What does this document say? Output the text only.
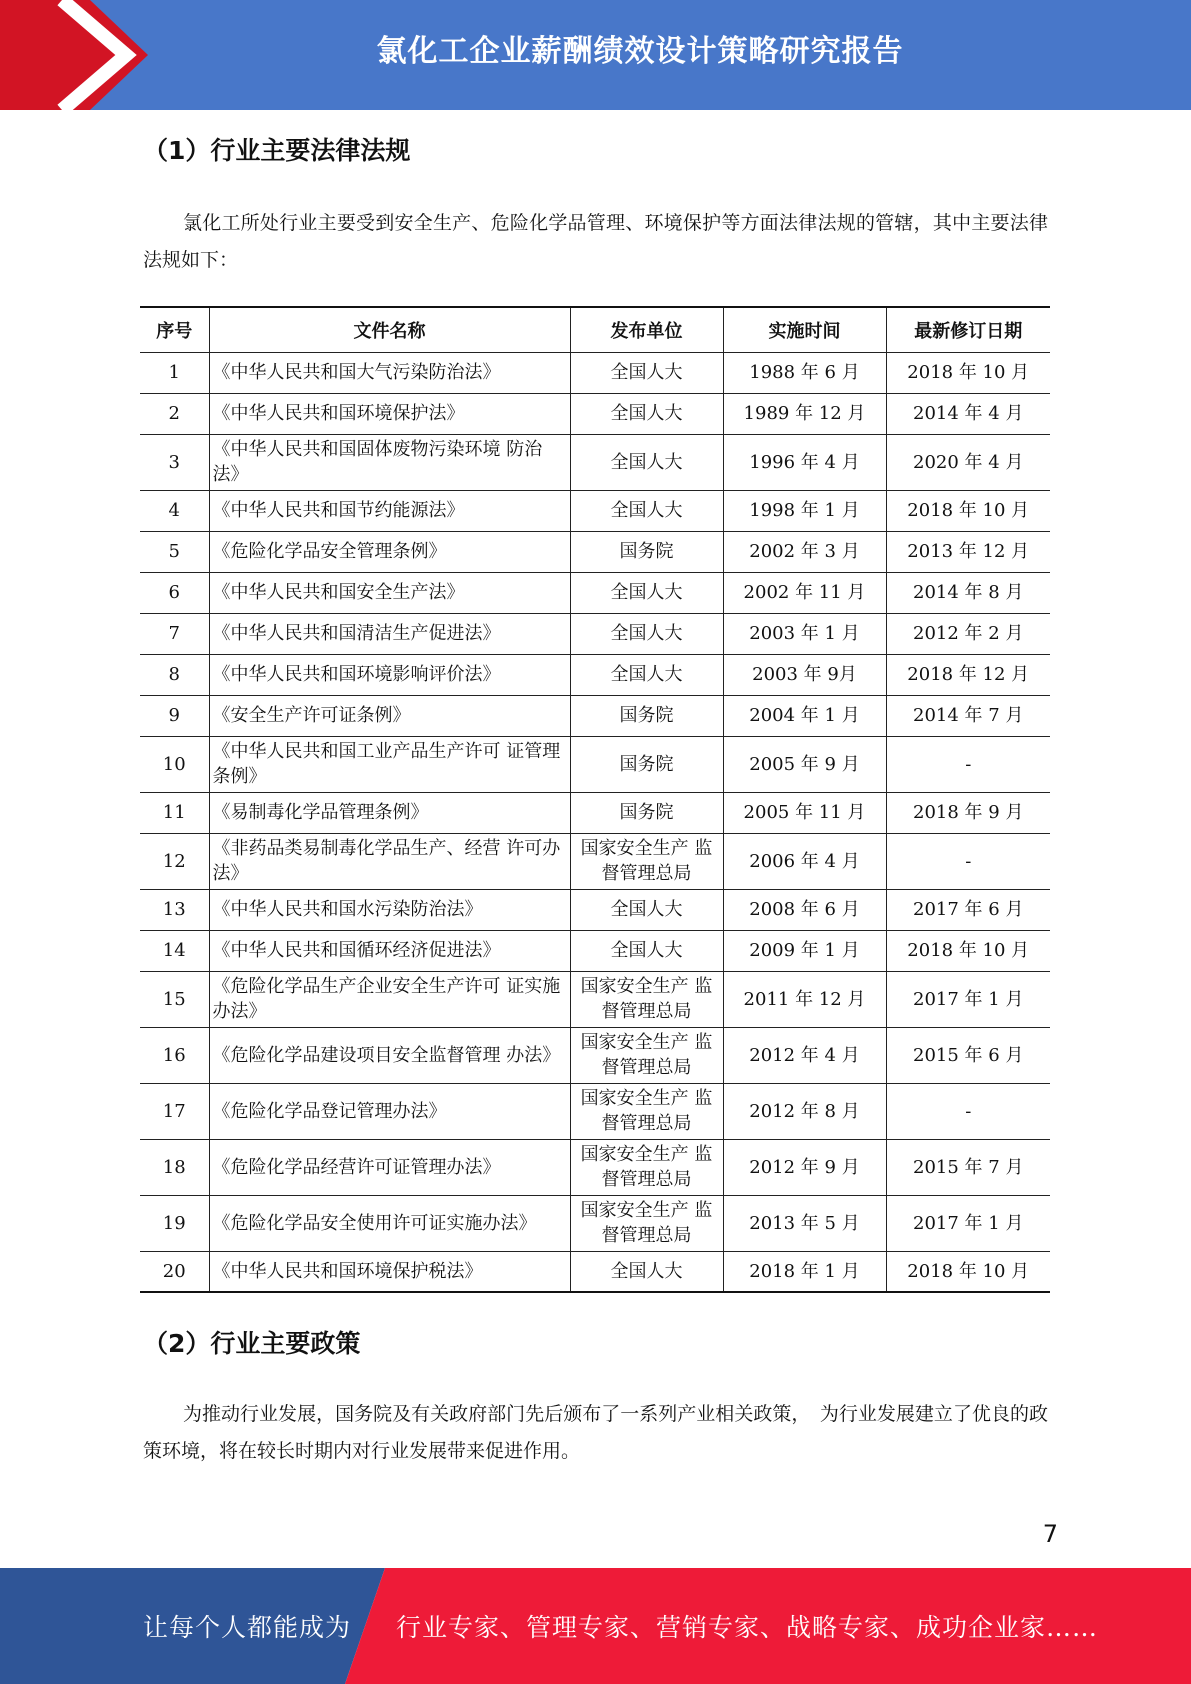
氯化工企业薪酬绩效设计策略研究报告
（1）行业主要法律法规
氯化工所处行业主要受到安全生产、危险化学品管理、环境保护等方面法律法规的管辖，其中主要法律法规如下：
序号	文件名称	发布单位	实施时间	最新修订日期
1	《中华人民共和国大气污染防治法》	全国人大	1988 年 6 月	2018 年 10 月
2	《中华人民共和国环境保护法》	全国人大	1989 年 12 月	2014 年 4 月
3	《中华人民共和国固体废物污染环境 防治法》	全国人大	1996 年 4 月	2020 年 4 月
4	《中华人民共和国节约能源法》	全国人大	1998 年 1 月	2018 年 10 月
5	《危险化学品安全管理条例》	国务院	2002 年 3 月	2013 年 12 月
6	《中华人民共和国安全生产法》	全国人大	2002 年 11 月	2014 年 8 月
7	《中华人民共和国清洁生产促进法》	全国人大	2003 年 1 月	2012 年 2 月
8	《中华人民共和国环境影响评价法》	全国人大	2003 年 9月	2018 年 12 月
9	《安全生产许可证条例》	国务院	2004 年 1 月	2014 年 7 月
10	《中华人民共和国工业产品生产许可 证管理条例》	国务院	2005 年 9 月	-
11	《易制毒化学品管理条例》	国务院	2005 年 11 月	2018 年 9 月
12	《非药品类易制毒化学品生产、经营 许可办法》	国家安全生产 监督管理总局	2006 年 4 月	-
13	《中华人民共和国水污染防治法》	全国人大	2008 年 6 月	2017 年 6 月
14	《中华人民共和国循环经济促进法》	全国人大	2009 年 1 月	2018 年 10 月
15	《危险化学品生产企业安全生产许可 证实施办法》	国家安全生产 监督管理总局	2011 年 12 月	2017 年 1 月
16	《危险化学品建设项目安全监督管理 办法》	国家安全生产 监督管理总局	2012 年 4 月	2015 年 6 月
17	《危险化学品登记管理办法》	国家安全生产 监督管理总局	2012 年 8 月	-
18	《危险化学品经营许可证管理办法》	国家安全生产 监督管理总局	2012 年 9 月	2015 年 7 月
19	《危险化学品安全使用许可证实施办法》	国家安全生产 监督管理总局	2013 年 5 月	2017 年 1 月
20	《中华人民共和国环境保护税法》	全国人大	2018 年 1 月	2018 年 10 月
（2）行业主要政策
为推动行业发展，国务院及有关政府部门先后颁布了一系列产业相关政策，　为行业发展建立了优良的政策环境，将在较长时期内对行业发展带来促进作用。
7
让每个人都能成为 行业专家、管理专家、营销专家、战略专家、成功企业家……
